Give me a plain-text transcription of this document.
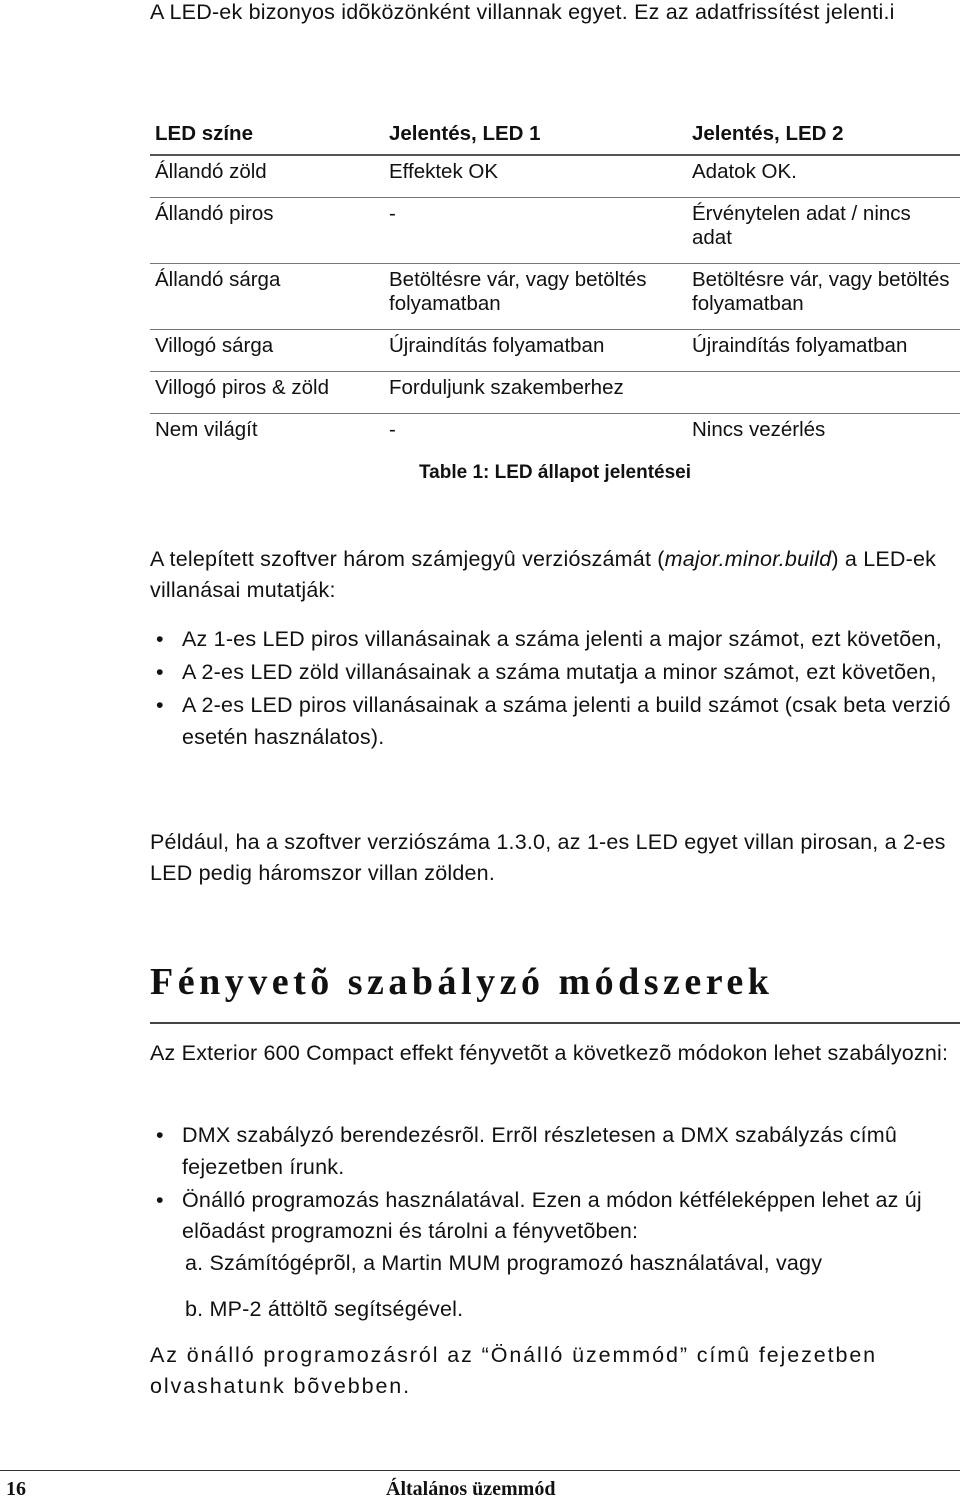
A LED-ek bizonyos idõközönként villannak egyet. Ez az adatfrissítést jelenti.i

LED színe	Jelentés, LED 1	Jelentés, LED 2
Állandó zöld	Effektek OK	Adatok OK.
Állandó piros	-	Érvénytelen adat / nincs adat
Állandó sárga	Betöltésre vár, vagy betöltés folyamatban	Betöltésre vár, vagy betöltés folyamatban
Villogó sárga	Újraindítás folyamatban	Újraindítás folyamatban
Villogó piros & zöld	Forduljunk szakemberhez	
Nem világít	-	Nincs vezérlés
Table 1: LED állapot jelentései

A telepített szoftver három számjegyû verziószámát (major.minor.build) a LED-ek villanásai mutatják:

• Az 1-es LED piros villanásainak a száma jelenti a major számot, ezt követõen,
• A 2-es LED zöld villanásainak a száma mutatja a minor számot, ezt követõen,
• A 2-es LED piros villanásainak a száma jelenti a build számot (csak beta verzió esetén használatos).

Például, ha a szoftver verziószáma 1.3.0, az 1-es LED egyet villan pirosan, a 2-es LED pedig háromszor villan zölden.

Fényvetõ szabályzó módszerek

Az Exterior 600 Compact effekt fényvetõt a következõ módokon lehet szabályozni:

• DMX szabályzó berendezésrõl. Errõl részletesen a DMX szabályzás címû fejezetben írunk.
• Önálló programozás használatával. Ezen a módon kétféleképpen lehet az új elõadást programozni és tárolni a fényvetõben:

a. Számítógéprõl, a Martin MUM programozó használatával, vagy

b. MP-2 áttöltõ segítségével.

Az önálló programozásról az “Önálló üzemmód” címû fejezetben olvashatunk bõvebben.

16	Általános üzemmód
